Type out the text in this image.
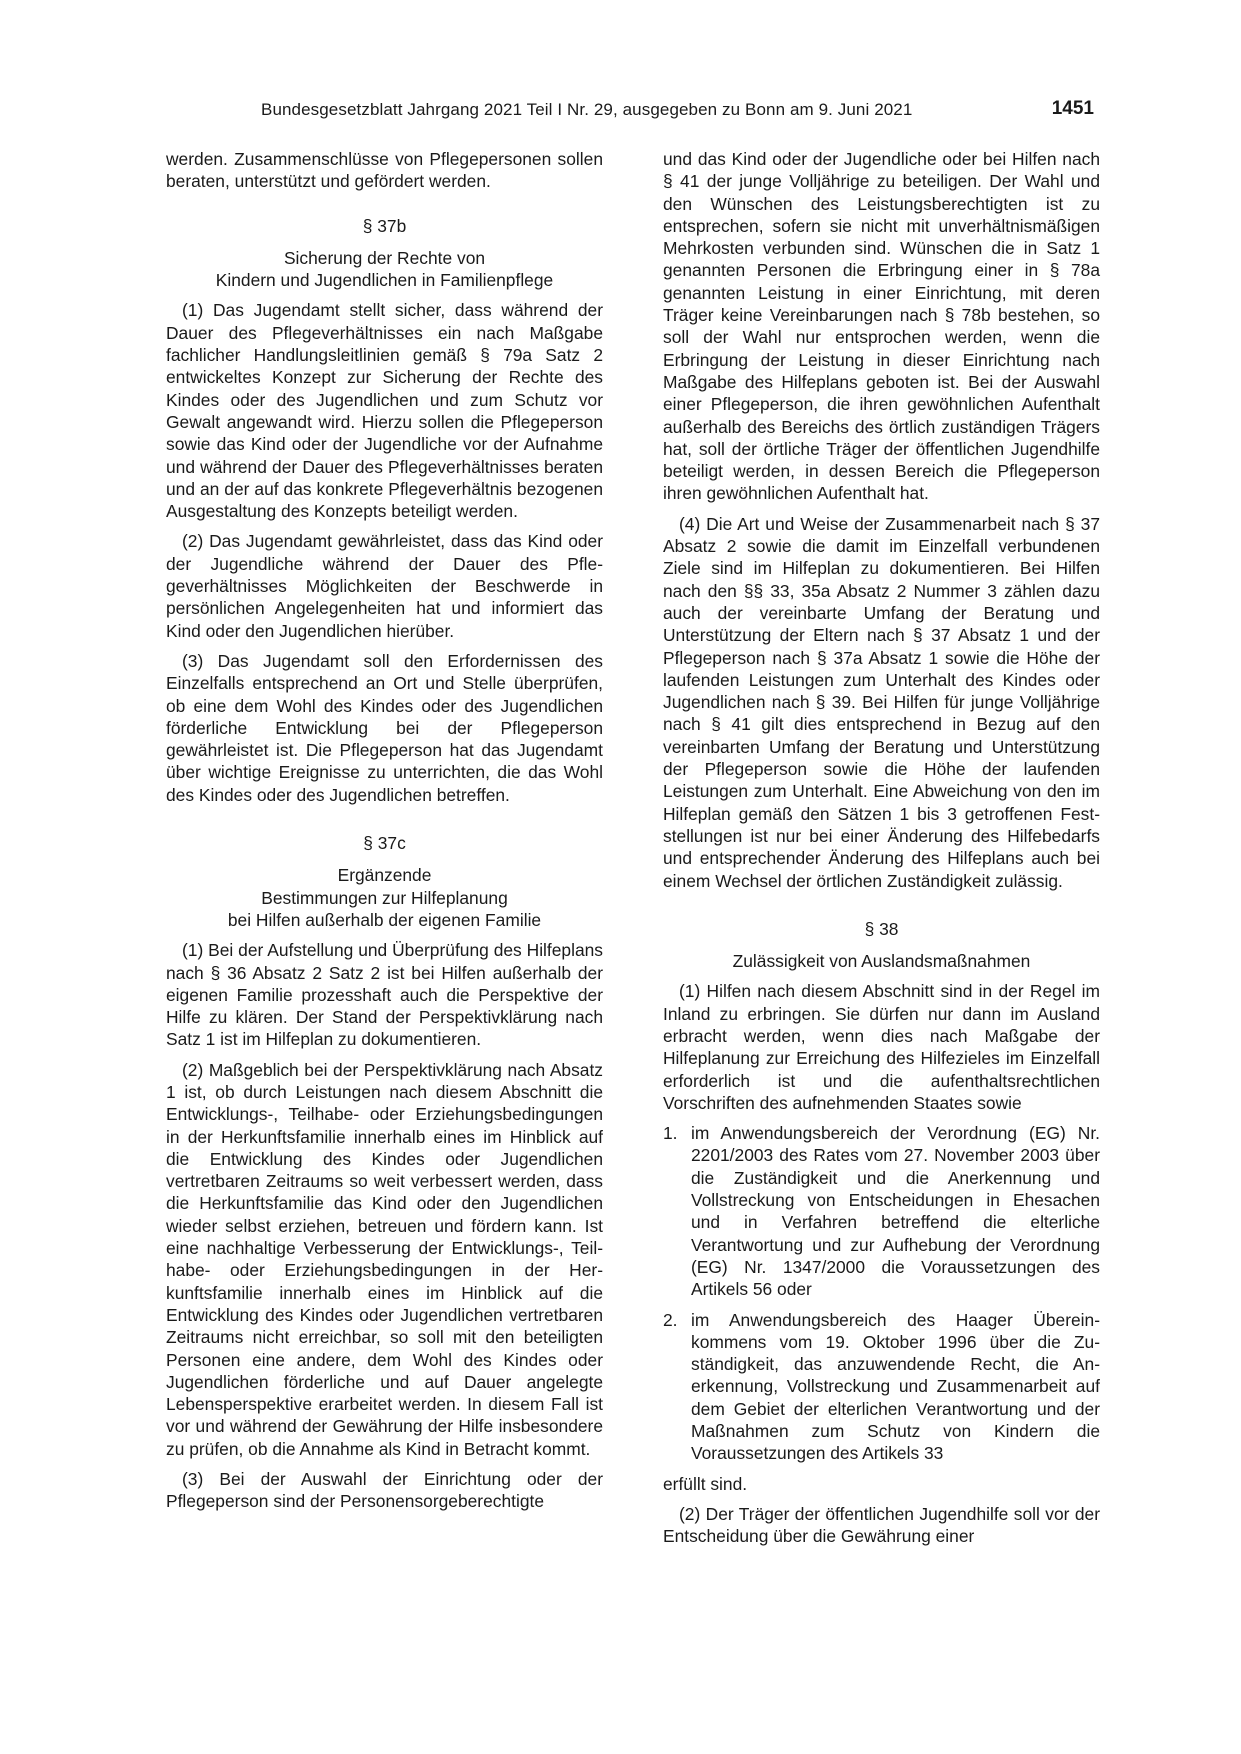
Bundesgesetzblatt Jahrgang 2021 Teil I Nr. 29, ausgegeben zu Bonn am 9. Juni 2021	1451

werden. Zusammenschlüsse von Pflegepersonen sollen beraten, unterstützt und gefördert werden.

§ 37b
Sicherung der Rechte von
Kindern und Jugendlichen in Familienpflege

(1) Das Jugendamt stellt sicher, dass während der Dauer des Pflegeverhältnisses ein nach Maßgabe fachlicher Handlungsleitlinien gemäß § 79a Satz 2 entwickeltes Konzept zur Sicherung der Rechte des Kindes oder des Jugendlichen und zum Schutz vor Gewalt angewandt wird. Hierzu sollen die Pflegeperson sowie das Kind oder der Jugendliche vor der Aufnahme und während der Dauer des Pflegeverhältnisses beraten und an der auf das konkrete Pflegeverhältnis bezogenen Ausgestaltung des Konzepts beteiligt werden.

(2) Das Jugendamt gewährleistet, dass das Kind oder der Jugendliche während der Dauer des Pflegeverhältnisses Möglichkeiten der Beschwerde in persönlichen Angelegenheiten hat und informiert das Kind oder den Jugendlichen hierüber.

(3) Das Jugendamt soll den Erfordernissen des Einzelfalls entsprechend an Ort und Stelle überprüfen, ob eine dem Wohl des Kindes oder des Jugendlichen förderliche Entwicklung bei der Pflegeperson gewährleistet ist. Die Pflegeperson hat das Jugendamt über wichtige Ereignisse zu unterrichten, die das Wohl des Kindes oder des Jugendlichen betreffen.

§ 37c
Ergänzende
Bestimmungen zur Hilfeplanung
bei Hilfen außerhalb der eigenen Familie

(1) Bei der Aufstellung und Überprüfung des Hilfeplans nach § 36 Absatz 2 Satz 2 ist bei Hilfen außerhalb der eigenen Familie prozesshaft auch die Perspektive der Hilfe zu klären. Der Stand der Perspektivklärung nach Satz 1 ist im Hilfeplan zu dokumentieren.

(2) Maßgeblich bei der Perspektivklärung nach Absatz 1 ist, ob durch Leistungen nach diesem Abschnitt die Entwicklungs-, Teilhabe- oder Erziehungsbedingungen in der Herkunftsfamilie innerhalb eines im Hinblick auf die Entwicklung des Kindes oder Jugendlichen vertretbaren Zeitraums so weit verbessert werden, dass die Herkunftsfamilie das Kind oder den Jugendlichen wieder selbst erziehen, betreuen und fördern kann. Ist eine nachhaltige Verbesserung der Entwicklungs-, Teilhabe- oder Erziehungsbedingungen in der Herkunftsfamilie innerhalb eines im Hinblick auf die Entwicklung des Kindes oder Jugendlichen vertretbaren Zeitraums nicht erreichbar, so soll mit den beteiligten Personen eine andere, dem Wohl des Kindes oder Jugendlichen förderliche und auf Dauer angelegte Lebensperspektive erarbeitet werden. In diesem Fall ist vor und während der Gewährung der Hilfe insbesondere zu prüfen, ob die Annahme als Kind in Betracht kommt.

(3) Bei der Auswahl der Einrichtung oder der Pflegeperson sind der Personensorgeberechtigte

und das Kind oder der Jugendliche oder bei Hilfen nach § 41 der junge Volljährige zu beteiligen. Der Wahl und den Wünschen des Leistungsberechtigten ist zu entsprechen, sofern sie nicht mit unverhältnismäßigen Mehrkosten verbunden sind. Wünschen die in Satz 1 genannten Personen die Erbringung einer in § 78a genannten Leistung in einer Einrichtung, mit deren Träger keine Vereinbarungen nach § 78b bestehen, so soll der Wahl nur entsprochen werden, wenn die Erbringung der Leistung in dieser Einrichtung nach Maßgabe des Hilfeplans geboten ist. Bei der Auswahl einer Pflegeperson, die ihren gewöhnlichen Aufenthalt außerhalb des Bereichs des örtlich zuständigen Trägers hat, soll der örtliche Träger der öffentlichen Jugendhilfe beteiligt werden, in dessen Bereich die Pflegeperson ihren gewöhnlichen Aufenthalt hat.

(4) Die Art und Weise der Zusammenarbeit nach § 37 Absatz 2 sowie die damit im Einzelfall verbundenen Ziele sind im Hilfeplan zu dokumentieren. Bei Hilfen nach den §§ 33, 35a Absatz 2 Nummer 3 zählen dazu auch der vereinbarte Umfang der Beratung und Unterstützung der Eltern nach § 37 Absatz 1 und der Pflegeperson nach § 37a Absatz 1 sowie die Höhe der laufenden Leistungen zum Unterhalt des Kindes oder Jugendlichen nach § 39. Bei Hilfen für junge Volljährige nach § 41 gilt dies entsprechend in Bezug auf den vereinbarten Umfang der Beratung und Unterstützung der Pflegeperson sowie die Höhe der laufenden Leistungen zum Unterhalt. Eine Abweichung von den im Hilfeplan gemäß den Sätzen 1 bis 3 getroffenen Feststellungen ist nur bei einer Änderung des Hilfebedarfs und entsprechender Änderung des Hilfeplans auch bei einem Wechsel der örtlichen Zuständigkeit zulässig.

§ 38
Zulässigkeit von Auslandsmaßnahmen

(1) Hilfen nach diesem Abschnitt sind in der Regel im Inland zu erbringen. Sie dürfen nur dann im Ausland erbracht werden, wenn dies nach Maßgabe der Hilfeplanung zur Erreichung des Hilfezieles im Einzelfall erforderlich ist und die aufenthaltsrechtlichen Vorschriften des aufnehmenden Staates sowie

1. im Anwendungsbereich der Verordnung (EG) Nr. 2201/2003 des Rates vom 27. November 2003 über die Zuständigkeit und die Anerkennung und Vollstreckung von Entscheidungen in Ehesachen und in Verfahren betreffend die elterliche Verantwortung und zur Aufhebung der Verordnung (EG) Nr. 1347/2000 die Voraussetzungen des Artikels 56 oder
2. im Anwendungsbereich des Haager Übereinkommens vom 19. Oktober 1996 über die Zuständigkeit, das anzuwendende Recht, die Anerkennung, Vollstreckung und Zusammenarbeit auf dem Gebiet der elterlichen Verantwortung und der Maßnahmen zum Schutz von Kindern die Voraussetzungen des Artikels 33

erfüllt sind.

(2) Der Träger der öffentlichen Jugendhilfe soll vor der Entscheidung über die Gewährung einer
